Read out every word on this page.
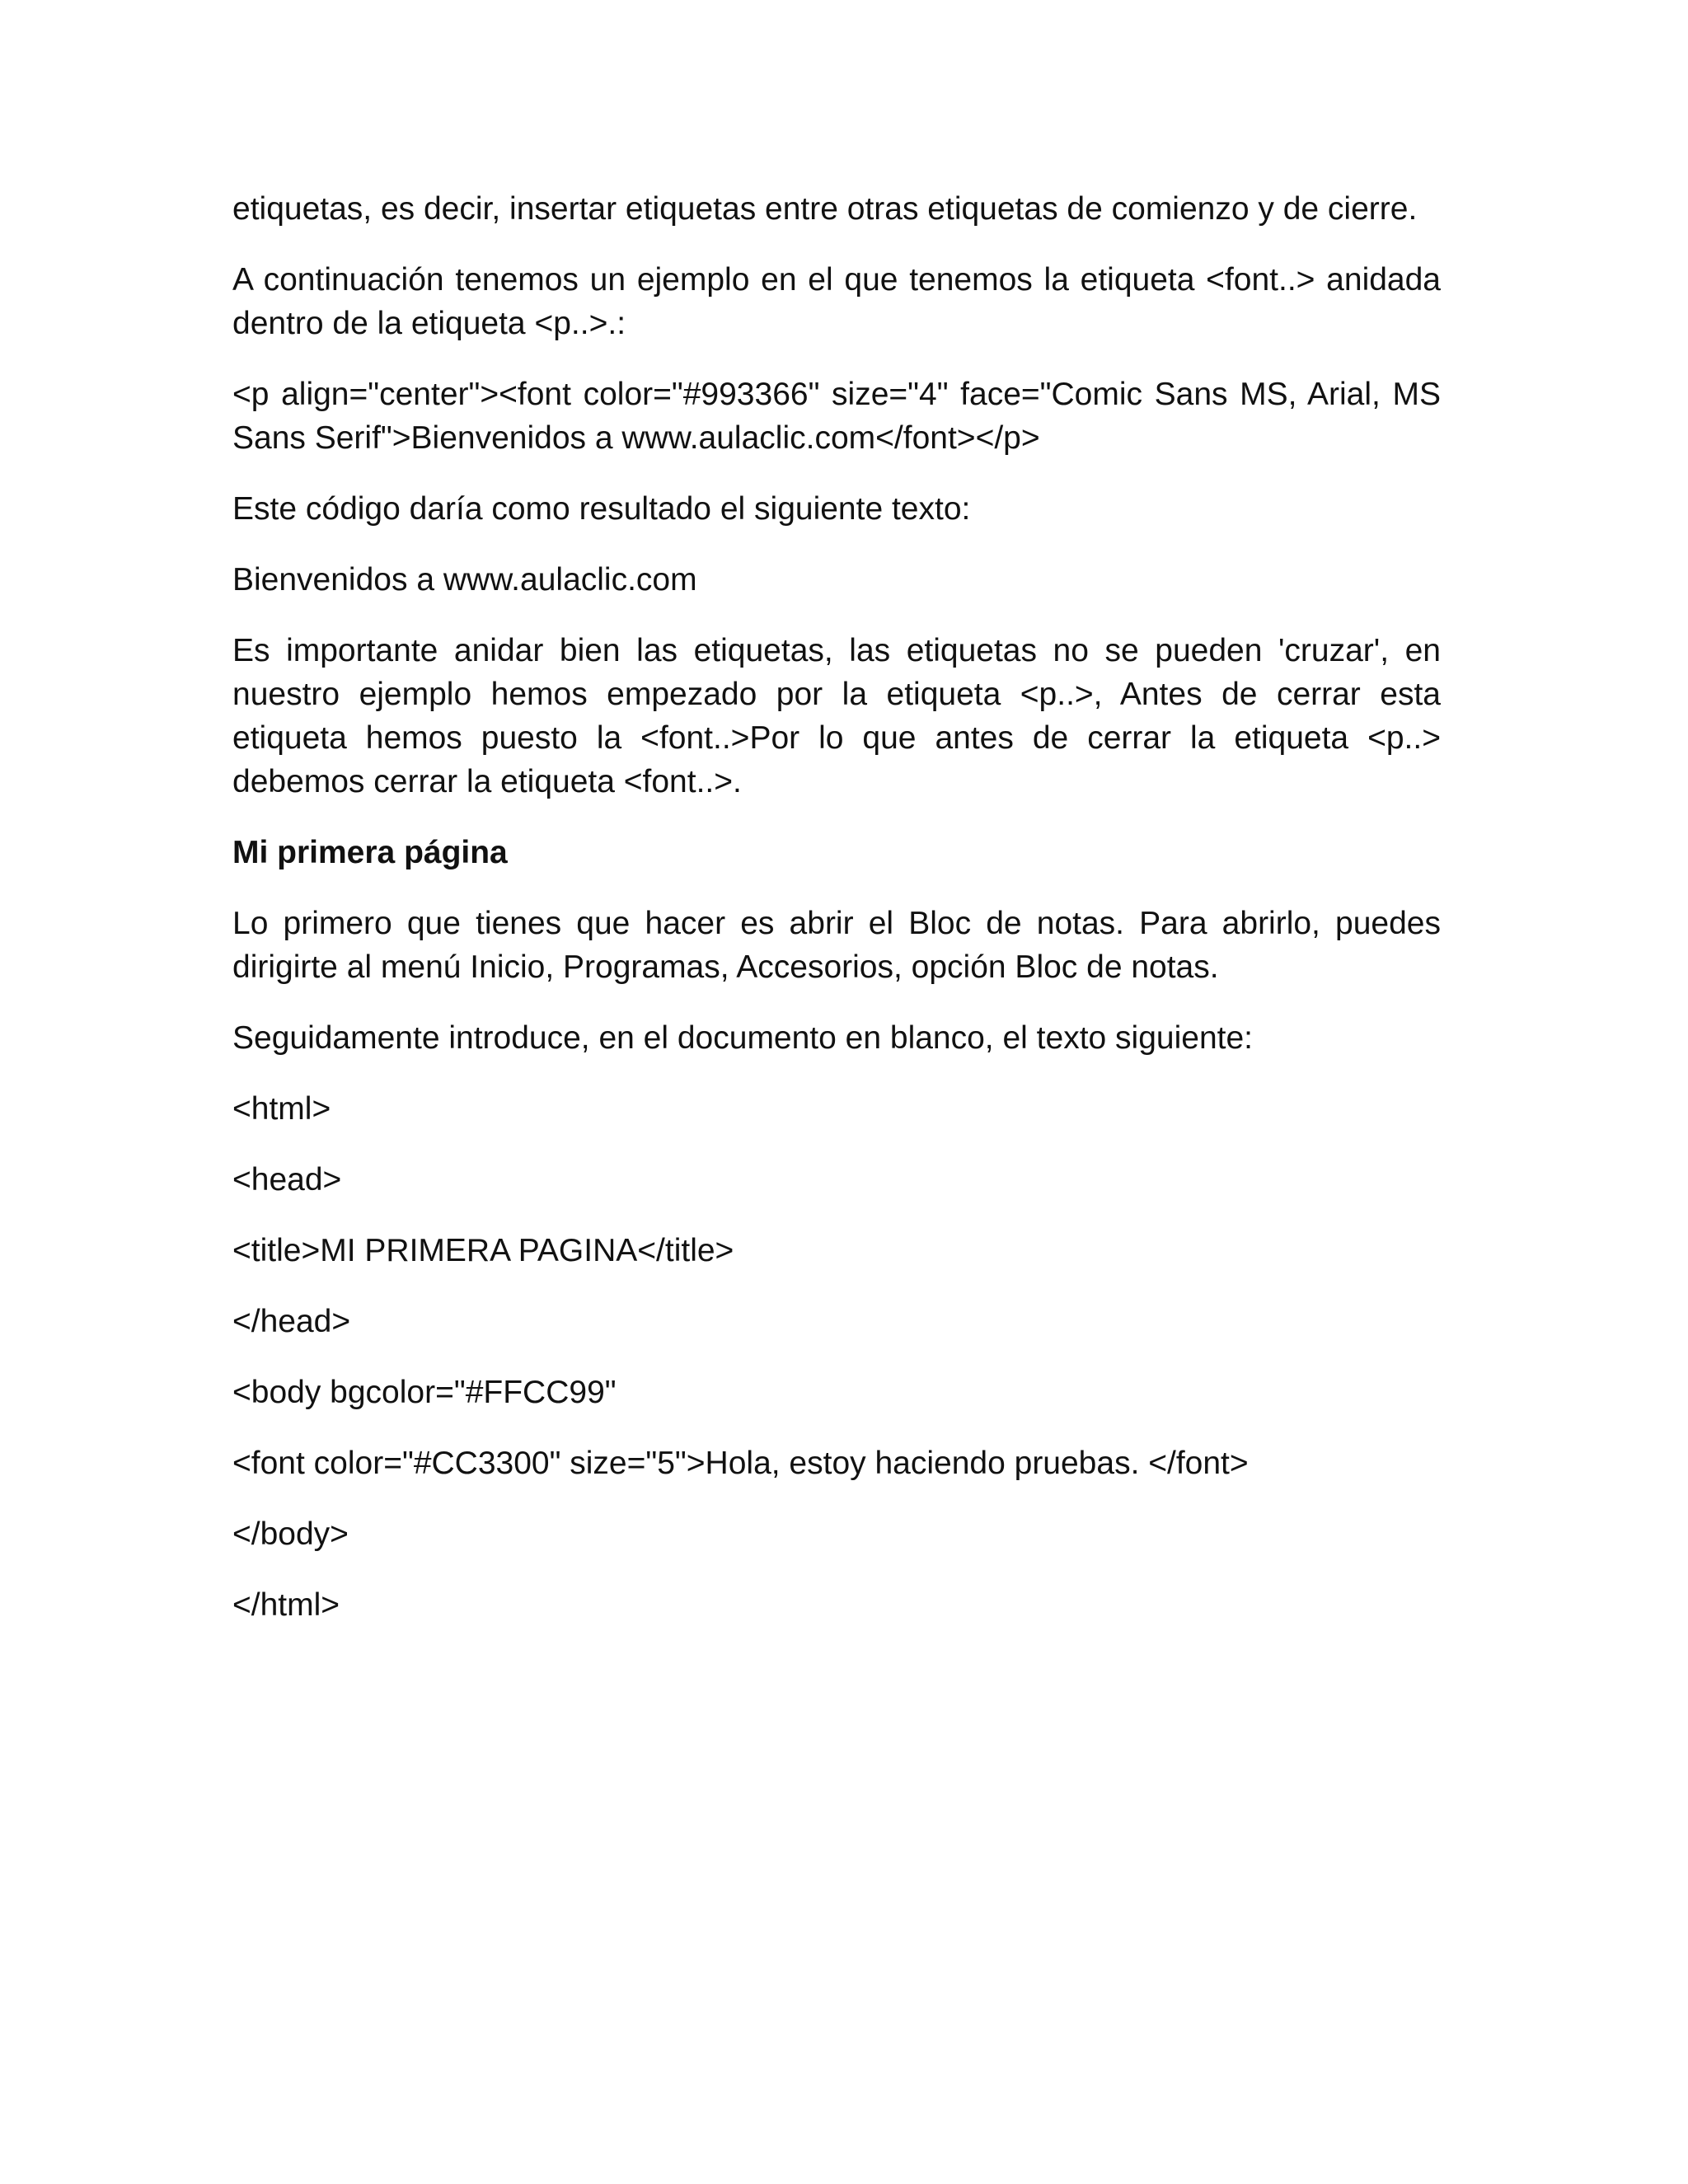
etiquetas, es decir, insertar etiquetas entre otras etiquetas de comienzo y de cierre.

A continuación tenemos un ejemplo en el que tenemos la etiqueta <font..> anidada dentro de la etiqueta <p..>.:

<p align="center"><font color="#993366" size="4" face="Comic Sans MS, Arial, MS Sans Serif">Bienvenidos a www.aulaclic.com</font></p>

Este código daría como resultado el siguiente texto:

Bienvenidos a www.aulaclic.com

Es importante anidar bien las etiquetas, las etiquetas no se pueden 'cruzar', en nuestro ejemplo hemos empezado por la etiqueta <p..>, Antes de cerrar esta etiqueta hemos puesto la <font..>Por lo que antes de cerrar la etiqueta <p..> debemos cerrar la etiqueta <font..>.

Mi primera página

Lo primero que tienes que hacer es abrir el Bloc de notas. Para abrirlo, puedes dirigirte al menú Inicio, Programas, Accesorios, opción Bloc de notas.

Seguidamente introduce, en el documento en blanco, el texto siguiente:

<html>

<head>

<title>MI PRIMERA PAGINA</title>

</head>

<body bgcolor="#FFCC99"

<font color="#CC3300" size="5">Hola, estoy haciendo pruebas. </font>

</body>

</html>
